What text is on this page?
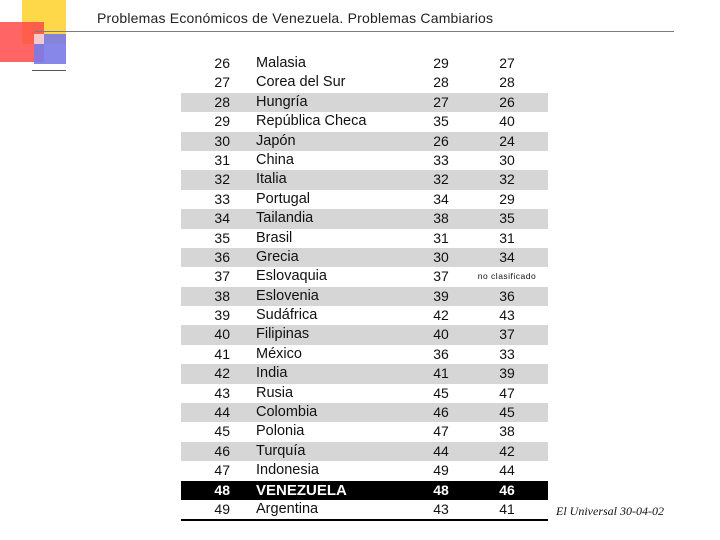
Problemas Económicos de Venezuela. Problemas Cambiarios
26	Malasia	29	27
27	Corea del Sur	28	28
28	Hungría	27	26
29	República Checa	35	40
30	Japón	26	24
31	China	33	30
32	Italia	32	32
33	Portugal	34	29
34	Tailandia	38	35
35	Brasil	31	31
36	Grecia	30	34
37	Eslovaquia	37	no clasificado
38	Eslovenia	39	36
39	Sudáfrica	42	43
40	Filipinas	40	37
41	México	36	33
42	India	41	39
43	Rusia	45	47
44	Colombia	46	45
45	Polonia	47	38
46	Turquía	44	42
47	Indonesia	49	44
48	VENEZUELA	48	46
49	Argentina	43	41	El Universal 30-04-02
